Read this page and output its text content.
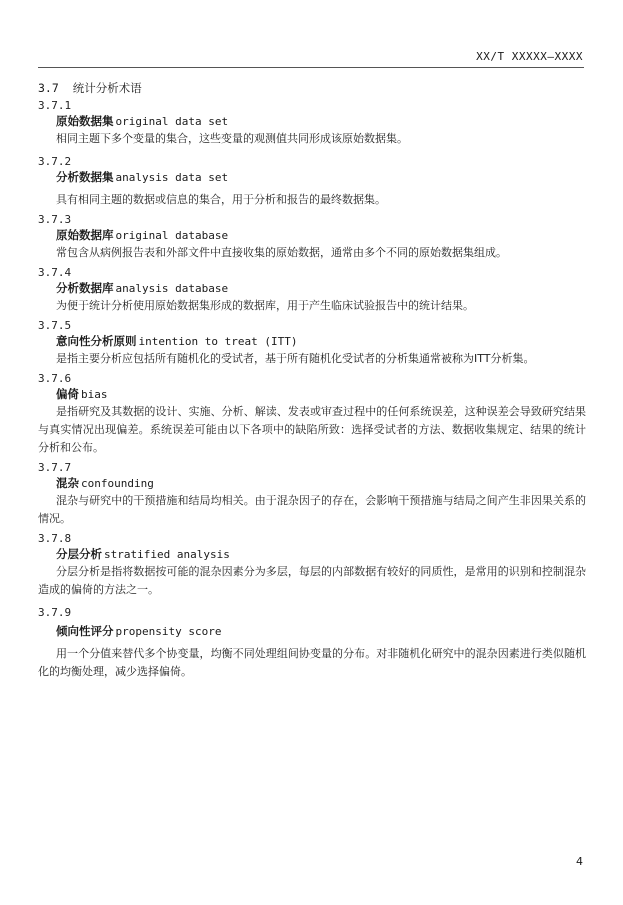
XX/T XXXXX—XXXX
3.7 统计分析术语
3.7.1
原始数据集 original data set
相同主题下多个变量的集合，这些变量的观测值共同形成该原始数据集。
3.7.2
分析数据集 analysis data set
具有相同主题的数据或信息的集合，用于分析和报告的最终数据集。
3.7.3
原始数据库 original database
常包含从病例报告表和外部文件中直接收集的原始数据，通常由多个不同的原始数据集组成。
3.7.4
分析数据库 analysis database
为便于统计分析使用原始数据集形成的数据库，用于产生临床试验报告中的统计结果。
3.7.5
意向性分析原则 intention to treat (ITT)
是指主要分析应包括所有随机化的受试者，基于所有随机化受试者的分析集通常被称为ITT分析集。
3.7.6
偏倚 bias
是指研究及其数据的设计、实施、分析、解读、发表或审查过程中的任何系统误差，这种误差会导致研究结果与真实情况出现偏差。系统误差可能由以下各项中的缺陷所致：选择受试者的方法、数据收集规定、结果的统计分析和公布。
3.7.7
混杂 confounding
混杂与研究中的干预措施和结局均相关。由于混杂因子的存在，会影响干预措施与结局之间产生非因果关系的情况。
3.7.8
分层分析 stratified analysis
分层分析是指将数据按可能的混杂因素分为多层，每层的内部数据有较好的同质性，是常用的识别和控制混杂造成的偏倚的方法之一。
3.7.9
倾向性评分 propensity score
用一个分值来替代多个协变量，均衡不同处理组间协变量的分布。对非随机化研究中的混杂因素进行类似随机化的均衡处理，减少选择偏倚。
4
